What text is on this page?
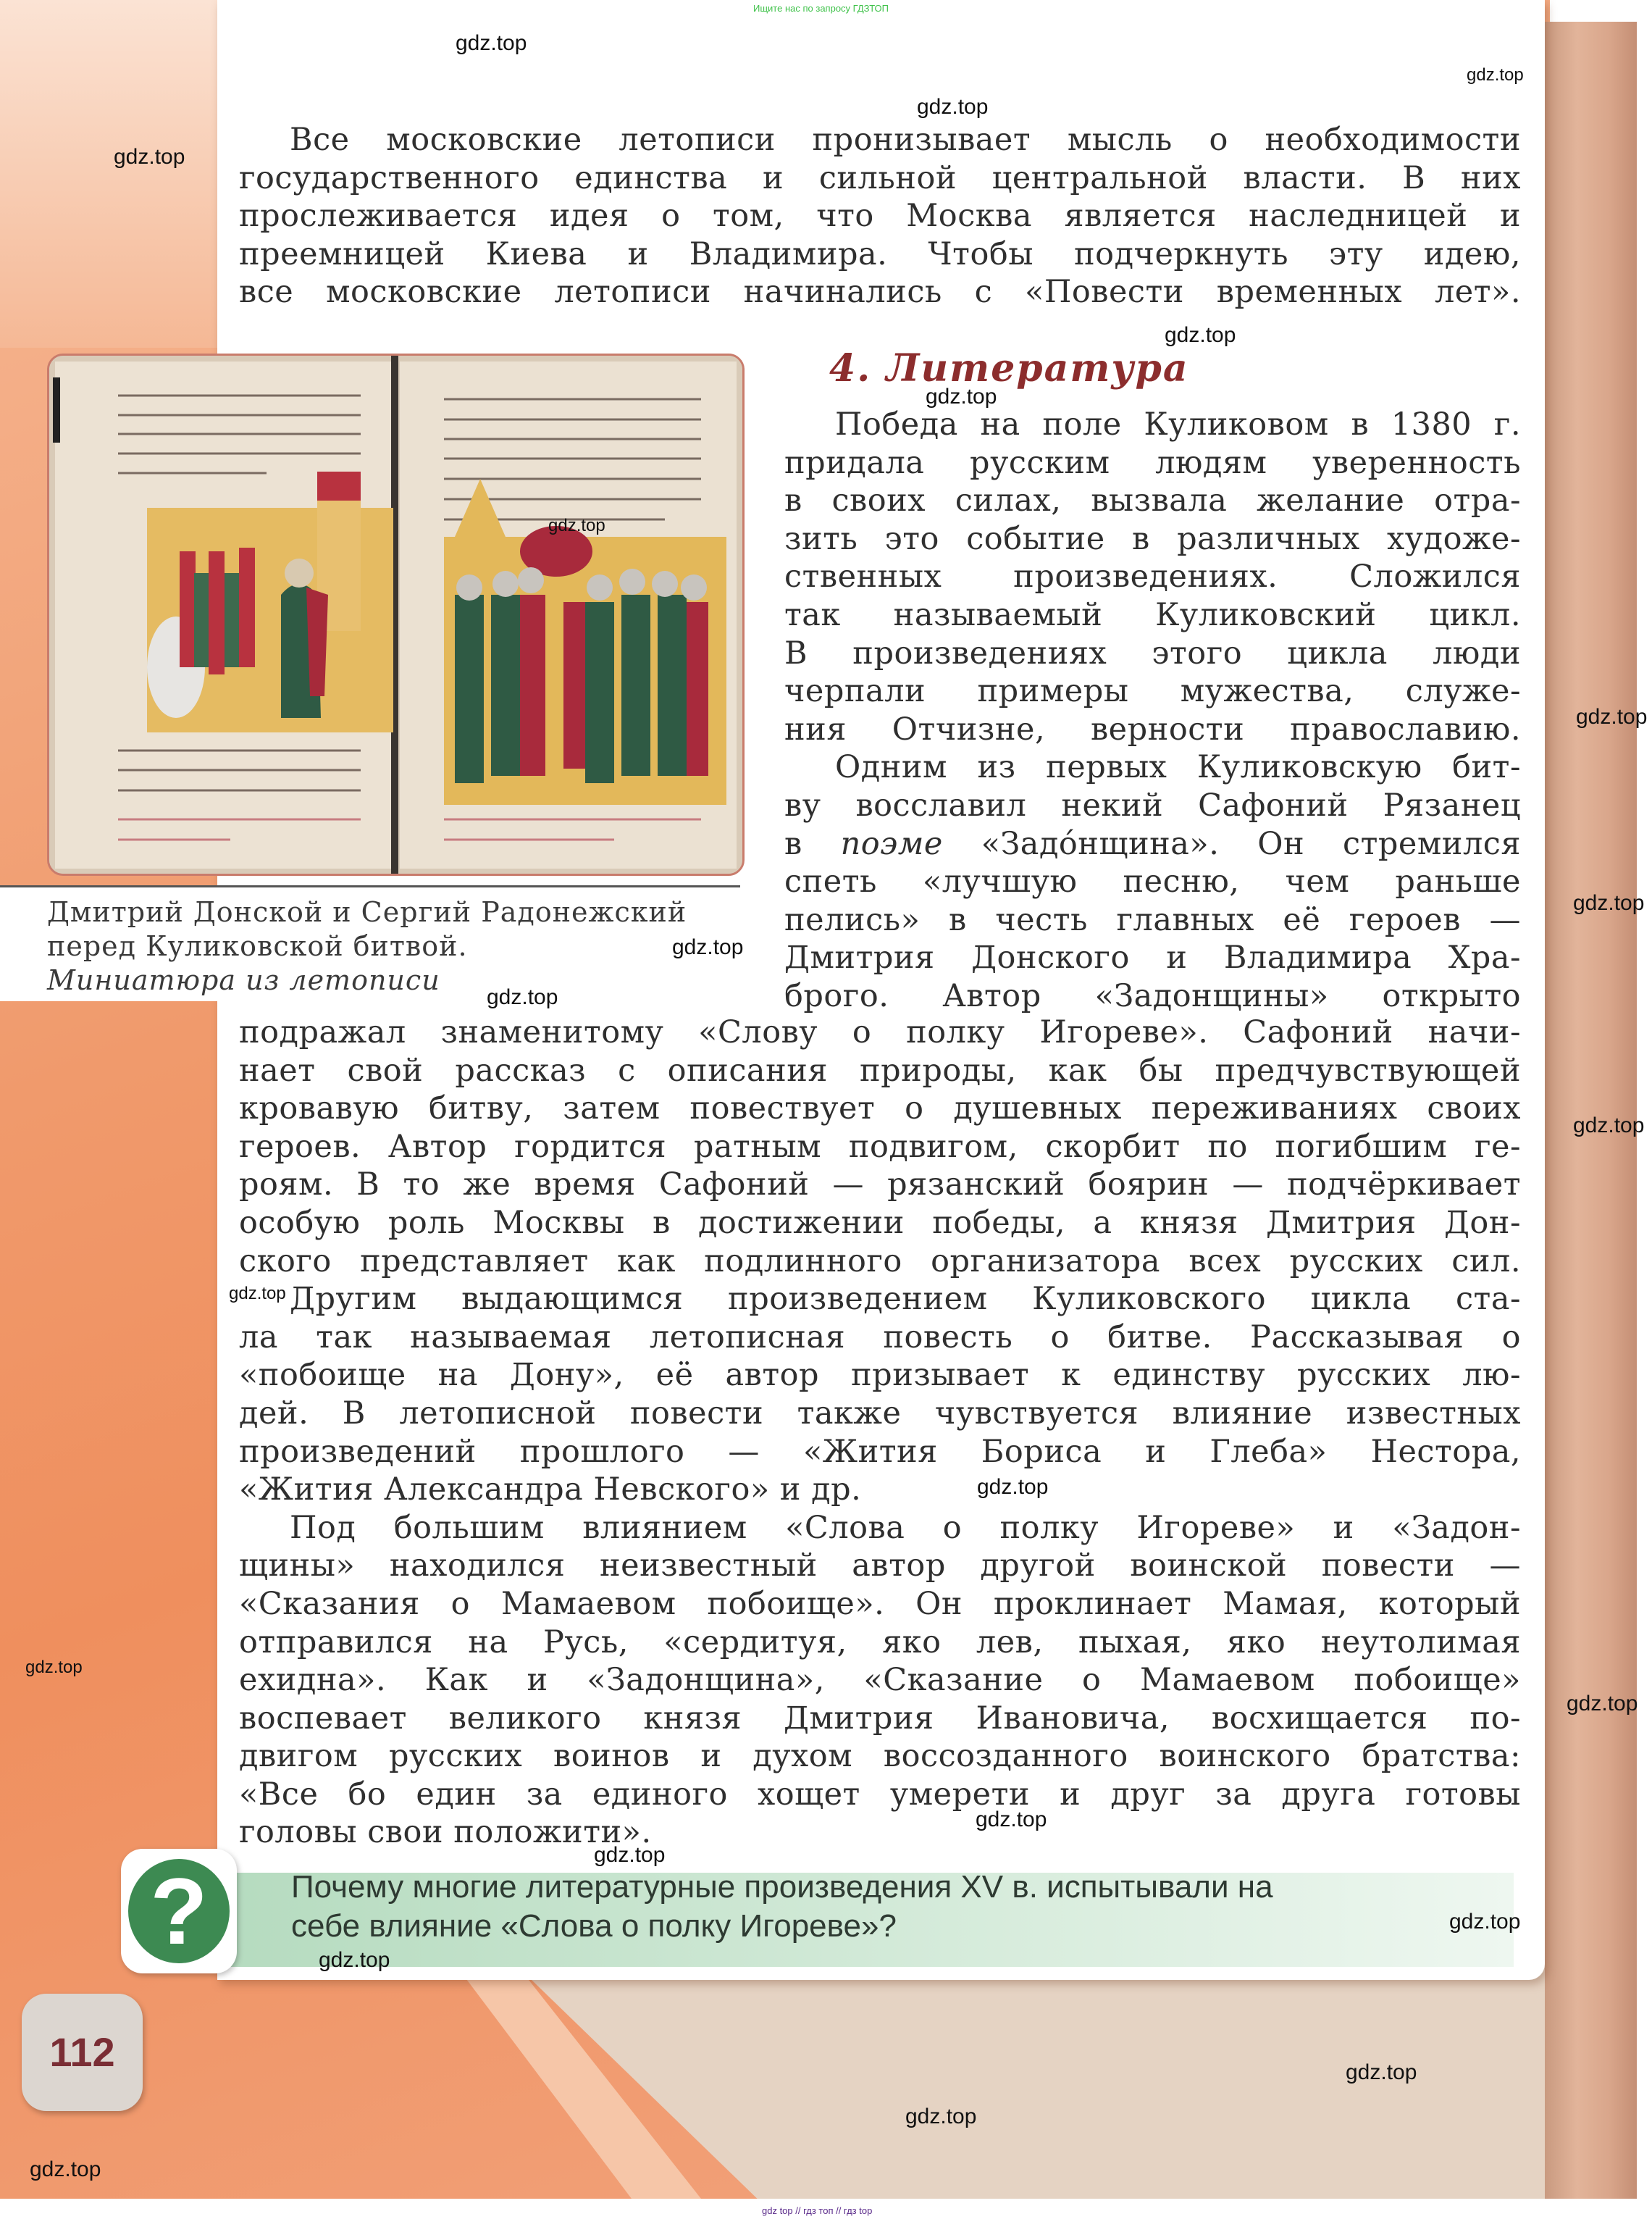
Ищите нас по запросу ГДЗТОП
Все московские летописи пронизывает мысль о необходимости
государственного единства и сильной центральной власти. В них
прослеживается идея о том, что Москва является наследницей и
преемницей Киева и Владимира. Чтобы подчеркнуть эту идею,
все московские летописи начинались с «Повести временных лет».
4. Литература
Дмитрий Донской и Сергий Радонежский
перед Куликовской битвой.
Миниатюра из летописи
Победа на поле Куликовом в 1380 г.
придала русским людям уверенность
в своих силах, вызвала желание отра-
зить это событие в различных художе-
ственных произведениях. Сложился
так называемый Куликовский цикл.
В произведениях этого цикла люди
черпали примеры мужества, служе-
ния Отчизне, верности православию.
Одним из первых Куликовскую бит-
ву восславил некий Сафоний Рязанец
в поэме «Задóнщина». Он стремился
спеть «лучшую песню, чем раньше
пелись» в честь главных её героев —
Дмитрия Донского и Владимира Хра-
брого. Автор «Задонщины» открыто
подражал знаменитому «Слову о полку Игореве». Сафоний начи-
нает свой рассказ с описания природы, как бы предчувствующей
кровавую битву, затем повествует о душевных переживаниях своих
героев. Автор гордится ратным подвигом, скорбит по погибшим ге-
роям. В то же время Сафоний — рязанский боярин — подчёркивает
особую роль Москвы в достижении победы, а князя Дмитрия Дон-
ского представляет как подлинного организатора всех русских сил.
Другим выдающимся произведением Куликовского цикла ста-
ла так называемая летописная повесть о битве. Рассказывая о
«побоище на Дону», её автор призывает к единству русских лю-
дей. В летописной повести также чувствуется влияние известных
произведений прошлого — «Жития Бориса и Глеба» Нестора,
«Жития Александра Невского» и др.
Под большим влиянием «Слова о полку Игореве» и «Задон-
щины» находился неизвестный автор другой воинской повести —
«Сказания о Мамаевом побоище». Он проклинает Мамая, который
отправился на Русь, «сердитуя, яко лев, пыхая, яко неутолимая
ехидна». Как и «Задонщина», «Сказание о Мамаевом побоище»
воспевает великого князя Дмитрия Ивановича, восхищается по-
двигом русских воинов и духом воссозданного воинского братства:
«Все бо един за единого хощет умерети и друг за друга готовы
головы свои положити».
?	Почему многие литературные произведения XV в. испытывали на
себе влияние «Слова о полку Игореве»?
112
gdz.top
gdz.top
gdz.top
gdz.top
gdz.top
gdz.top
gdz.top
gdz.top
gdz.top
gdz.top
gdz.top
gdz.top
gdz.top
gdz.top
gdz.top
gdz.top
gdz.top
gdz.top
gdz.top
gdz.top
gdz.top
gdz.top
gdz.top
gdz top // гдз топ // гдз top
